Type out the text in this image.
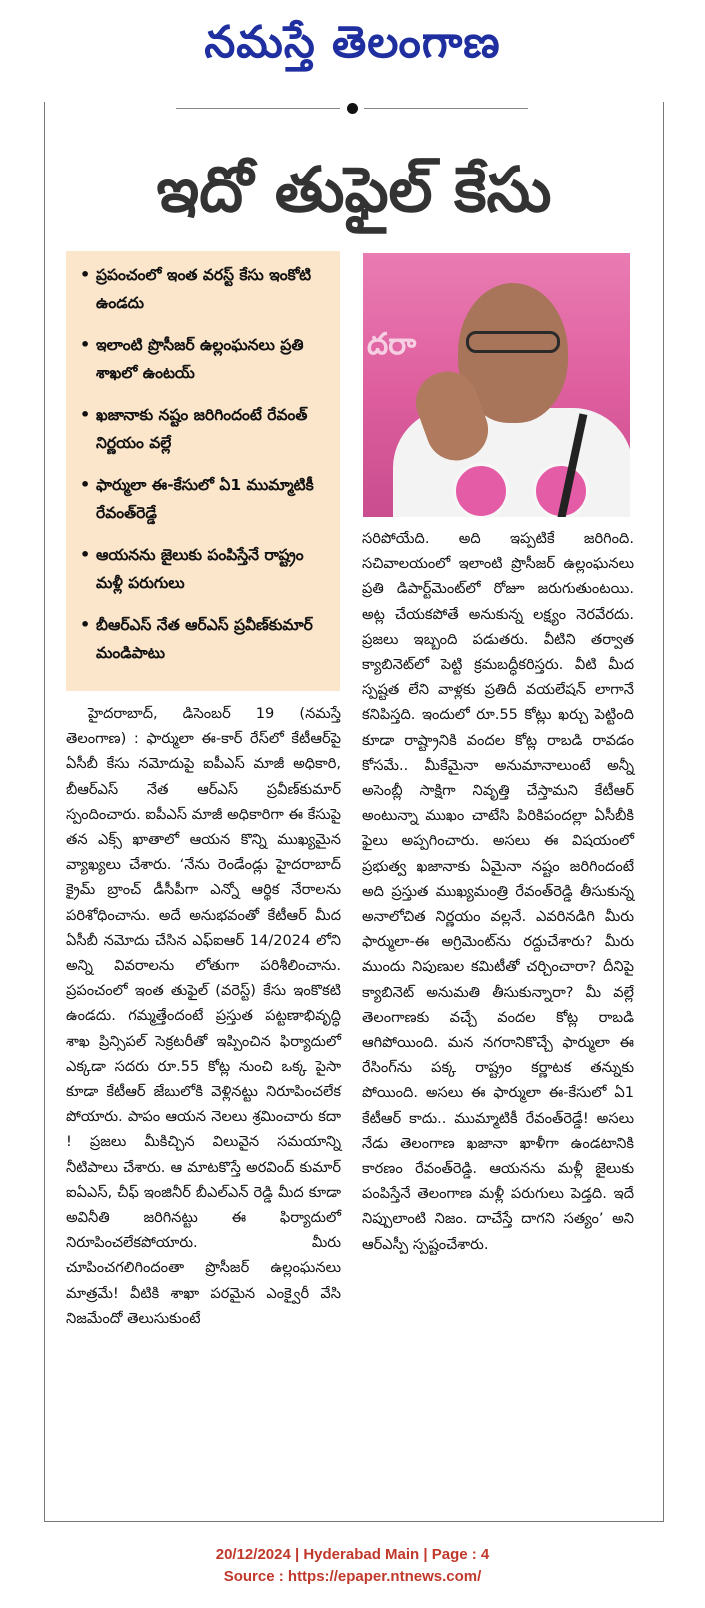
నమస్తే తెలంగాణ
ఇదో తుఫైల్ కేసు
• ప్రపంచంలో ఇంత వరస్ట్ కేసు ఇంకోటి ఉండదు
• ఇలాంటి ప్రొసీజర్ ఉల్లంఘనలు ప్రతి శాఖలో ఉంటయ్
• ఖజానాకు నష్టం జరిగిందంటే రేవంత్ నిర్ణయం వల్లే
• ఫార్ములా ఈ-కేసులో ఏ1 ముమ్మాటికీ రేవంత్‌రెడ్డే
• ఆయనను జైలుకు పంపిస్తేనే రాష్ట్రం మళ్లీ పరుగులు
• బీఆర్‌ఎస్ నేత ఆర్‌ఎస్ ప్రవీణ్‌కుమార్ మండిపాటు
దరా

హైదరాబాద్, డిసెంబర్ 19 (నమస్తే తెలంగాణ) : ఫార్ములా ఈ-కార్ రేస్‌లో కేటీఆర్‌పై ఏసీబీ కేసు నమోదుపై ఐపీఎస్ మాజీ అధికారి, బీఆర్‌ఎస్ నేత ఆర్‌ఎస్ ప్రవీణ్‌కుమార్ స్పందించారు. ఐపీఎస్ మాజీ అధికారిగా ఈ కేసుపై తన ఎక్స్ ఖాతాలో ఆయన కొన్ని ముఖ్యమైన వ్యాఖ్యలు చేశారు. ‘నేను రెండేండ్లు హైదరాబాద్ క్రైమ్ బ్రాంచ్ డీసీపీగా ఎన్నో ఆర్థిక నేరాలను పరిశోధించాను. అదే అనుభవంతో కేటీఆర్ మీద ఏసీబీ నమోదు చేసిన ఎఫ్ఐఆర్ 14/2024 లోని అన్ని వివరాలను లోతుగా పరిశీలించాను. ప్రపంచంలో ఇంత తుఫైల్ (వరెస్ట్) కేసు ఇంకొకటి ఉండదు. గమ్మత్తేందంటే ప్రస్తుత పట్టణాభివృద్ధి శాఖ ప్రిన్సిపల్ సెక్రటరీతో ఇప్పించిన ఫిర్యాదులో ఎక్కడా సదరు రూ.55 కోట్ల నుంచి ఒక్క పైసా కూడా కేటీఆర్ జేబులోకి వెళ్లినట్టు నిరూపించలేక పోయారు. పాపం ఆయన నెలలు శ్రమించారు కదా ! ప్రజలు మీకిచ్చిన విలువైన సమయాన్ని నీటిపాలు చేశారు. ఆ మాటకొస్తే అరవింద్ కుమార్ ఐఏఎస్, చీఫ్ ఇంజినీర్ బీఎల్ఎన్ రెడ్డి మీద కూడా అవినీతి జరిగినట్టు ఈ ఫిర్యాదులో నిరూపించలేకపోయారు. మీరు చూపించగలిగిందంతా ప్రొసీజర్ ఉల్లంఘనలు మాత్రమే! వీటికి శాఖా పరమైన ఎంక్వైరీ వేసి నిజమేందో తెలుసుకుంటే

సరిపోయేది. అది ఇప్పటికే జరిగింది. సచివాలయంలో ఇలాంటి ప్రొసీజర్ ఉల్లంఘనలు ప్రతి డిపార్ట్‌మెంట్‌లో రోజూ జరుగుతుంటయి. అట్ల చేయకపోతే అనుకున్న లక్ష్యం నెరవేరదు. ప్రజలు ఇబ్బంది పడుతరు. వీటిని తర్వాత క్యాబినెట్‌లో పెట్టి క్రమబద్ధీకరిస్తరు. వీటి మీద స్పష్టత లేని వాళ్లకు ప్రతిదీ వయలేషన్ లాగానే కనిపిస్తది. ఇందులో రూ.55 కోట్లు ఖర్చు పెట్టింది కూడా రాష్ట్రానికి వందల కోట్ల రాబడి రావడం కోసమే.. మీకేమైనా అనుమానాలుంటే అన్నీ అసెంబ్లీ సాక్షిగా నివృత్తి చేస్తామని కేటీఆర్ అంటున్నా ముఖం చాటేసి పిరికిపందల్లా ఏసీబీకి ఫైలు అప్పగించారు. అసలు ఈ విషయంలో ప్రభుత్వ ఖజానాకు ఏమైనా నష్టం జరిగిందంటే అది ప్రస్తుత ముఖ్యమంత్రి రేవంత్‌రెడ్డి తీసుకున్న అనాలోచిత నిర్ణయం వల్లనే. ఎవరినడిగి మీరు ఫార్ములా-ఈ అగ్రిమెంట్‌ను రద్దుచేశారు? మీరు ముందు నిపుణుల కమిటీతో చర్చించారా? దీనిపై క్యాబినెట్ అనుమతి తీసుకున్నారా? మీ వల్లే తెలంగాణకు వచ్చే వందల కోట్ల రాబడి ఆగిపోయింది. మన నగరానికొచ్చే ఫార్ములా ఈ రేసింగ్‌ను పక్క రాష్ట్రం కర్ణాటక తన్నుకు పోయింది. అసలు ఈ ఫార్ములా ఈ-కేసులో ఏ1 కేటీఆర్ కాదు.. ముమ్మాటికీ రేవంత్‌రెడ్డే! అసలు నేడు తెలంగాణ ఖజానా ఖాళీగా ఉండటానికి కారణం రేవంత్‌రెడ్డి. ఆయనను మళ్లీ జైలుకు పంపిస్తేనే తెలంగాణ మళ్లీ పరుగులు పెడ్తది. ఇదే నిప్పులాంటి నిజం. దాచేస్తే దాగని సత్యం’ అని ఆర్ఎస్పీ స్పష్టంచేశారు.

20/12/2024 | Hyderabad Main | Page : 4
Source : https://epaper.ntnews.com/
